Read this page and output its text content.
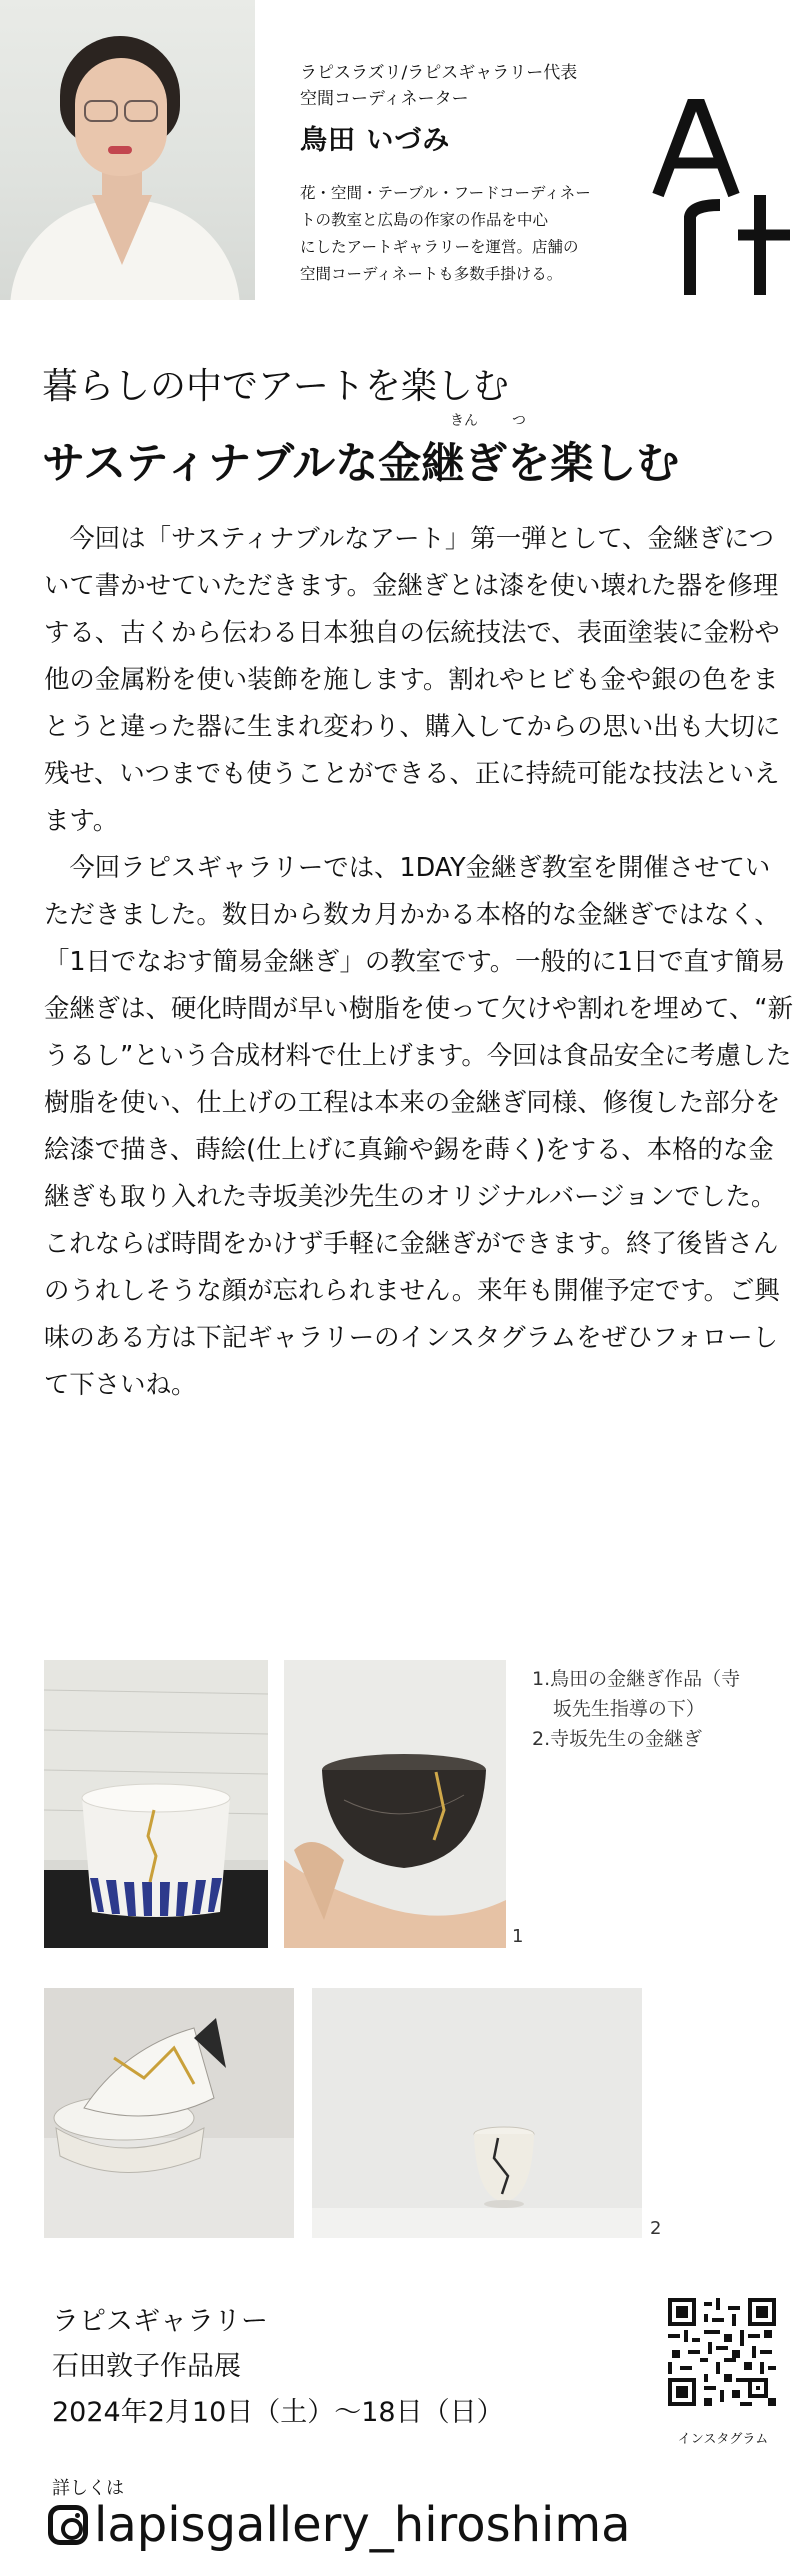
ラピスラズリ/ラピスギャラリー代表
空間コーディネーター
鳥田 いづみ
花・空間・テーブル・フードコーディネー
トの教室と広島の作家の作品を中心
にしたアートギャラリーを運営。店舗の
空間コーディネートも多数手掛ける。
A
暮らしの中でアートを楽しむ
きん つ
サスティナブルな金継ぎを楽しむ

今回は「サスティナブルなアート」第一弾として、金継ぎについて書かせていただきます。金継ぎとは漆を使い壊れた器を修理する、古くから伝わる日本独自の伝統技法で、表面塗装に金粉や他の金属粉を使い装飾を施します。割れやヒビも金や銀の色をまとうと違った器に生まれ変わり、購入してからの思い出も大切に残せ、いつまでも使うことができる、正に持続可能な技法といえます。

今回ラピスギャラリーでは、1DAY金継ぎ教室を開催させていただきました。数日から数カ月かかる本格的な金継ぎではなく、「1日でなおす簡易金継ぎ」の教室です。一般的に1日で直す簡易金継ぎは、硬化時間が早い樹脂を使って欠けや割れを埋めて、“新うるし”という合成材料で仕上げます。今回は食品安全に考慮した樹脂を使い、仕上げの工程は本来の金継ぎ同様、修復した部分を絵漆で描き、蒔絵(仕上げに真鍮や錫を蒔く)をする、本格的な金継ぎも取り入れた寺坂美沙先生のオリジナルバージョンでした。これならば時間をかけず手軽に金継ぎができます。終了後皆さんのうれしそうな顔が忘れられません。来年も開催予定です。ご興味のある方は下記ギャラリーのインスタグラムをぜひフォローして下さいね。

1.鳥田の金継ぎ作品（寺
坂先生指導の下）
2.寺坂先生の金継ぎ
1
2
ラピスギャラリー
石田敦子作品展
2024年2月10日（土）～18日（日）
インスタグラム
詳しくは
lapisgallery_hiroshima
